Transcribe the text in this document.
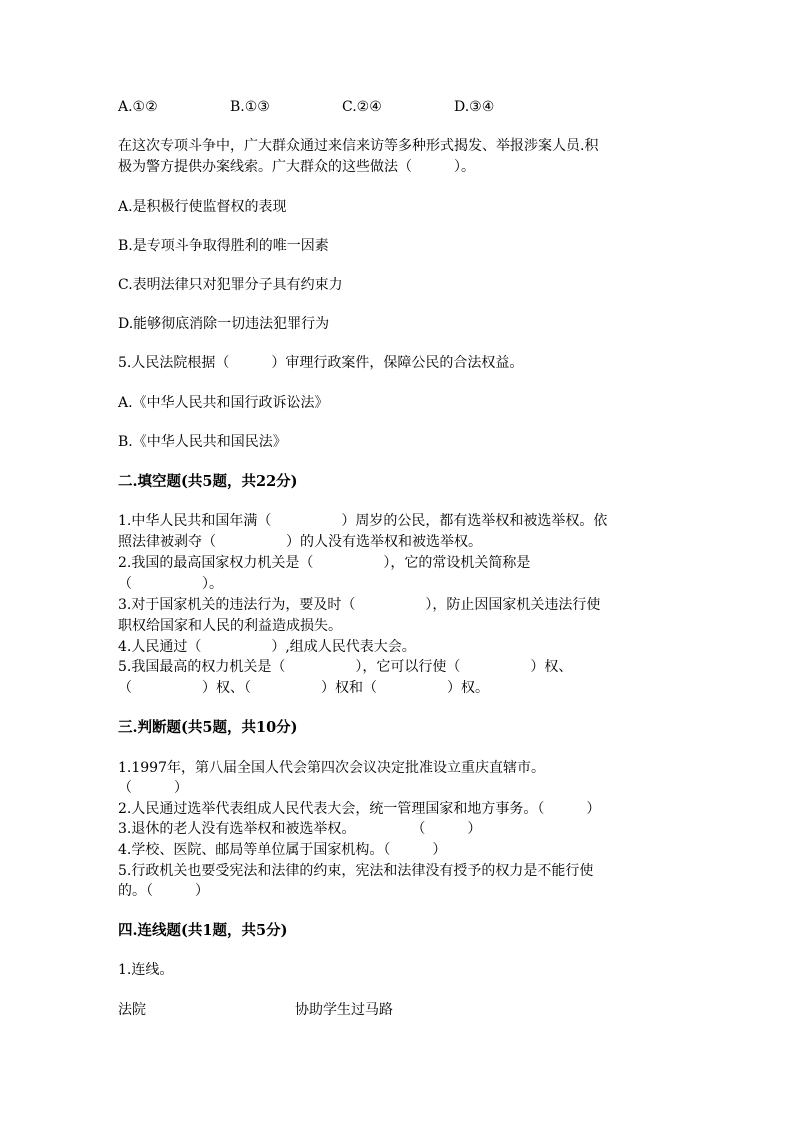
A.①②	B.①③	C.②④	D.③④
在这次专项斗争中，广大群众通过来信来访等多种形式揭发、举报涉案人员.积
极为警方提供办案线索。广大群众的这些做法（　　　）。
A.是积极行使监督权的表现
B.是专项斗争取得胜利的唯一因素
C.表明法律只对犯罪分子具有约束力
D.能够彻底消除一切违法犯罪行为
5.人民法院根据（　　　）审理行政案件，保障公民的合法权益。
A.《中华人民共和国行政诉讼法》
B.《中华人民共和国民法》
二.填空题(共5题，共22分)
1.中华人民共和国年满（　　　　　）周岁的公民，都有选举权和被选举权。依
照法律被剥夺（　　　　　）的人没有选举权和被选举权。
2.我国的最高国家权力机关是（　　　　　），它的常设机关简称是
（　　　　　）。
3.对于国家机关的违法行为，要及时（　　　　　），防止因国家机关违法行使
职权给国家和人民的利益造成损失。
4.人民通过（　　　　　）,组成人民代表大会。
5.我国最高的权力机关是（　　　　　），它可以行使（　　　　　）权、
（　　　　　）权、（　　　　　）权和（　　　　　）权。
三.判断题(共5题，共10分)
1.1997年，第八届全国人代会第四次会议决定批准设立重庆直辖市。
（　　　）
2.人民通过选举代表组成人民代表大会，统一管理国家和地方事务。（　　　）
3.退休的老人没有选举权和被选举权。　　　　　（　　　）
4.学校、医院、邮局等单位属于国家机构。（　　　）
5.行政机关也要受宪法和法律的约束，宪法和法律没有授予的权力是不能行使
的。（　　　）
四.连线题(共1题，共5分)
1.连线。
法院	协助学生过马路
